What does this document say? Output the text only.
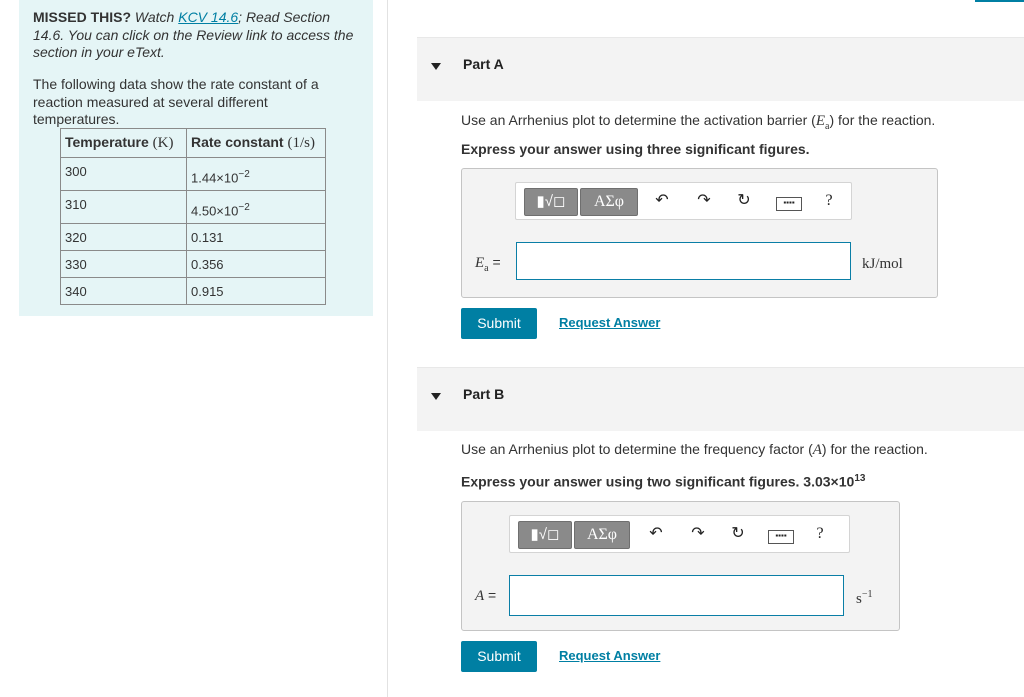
MISSED THIS? Watch KCV 14.6; Read Section 14.6. You can click on the Review link to access the section in your eText.
The following data show the rate constant of a reaction measured at several different temperatures.
Temperature (K)	Rate constant (1/s)
300	$1.44\times 10^{-2}$
310	$4.50\times 10^{-2}$
320	0.131
330	0.356
340	0.915
Part A
Use an Arrhenius plot to determine the activation barrier $(E_a)$ for the reaction.
Express your answer using three significant figures.
▮√◻	ΑΣφ	↶ ↷ ↻	▪▪▪▪	?
$E_a$ =	kJ/mol
Submit	Request Answer
Part B
Use an Arrhenius plot to determine the frequency factor (A) for the reaction.
Express your answer using two significant figures. $3.03\times 10^{13}$
▮√◻	ΑΣφ	↶ ↷ ↻	▪▪▪▪	?
A =	$s^{-1}$
Submit	Request Answer
